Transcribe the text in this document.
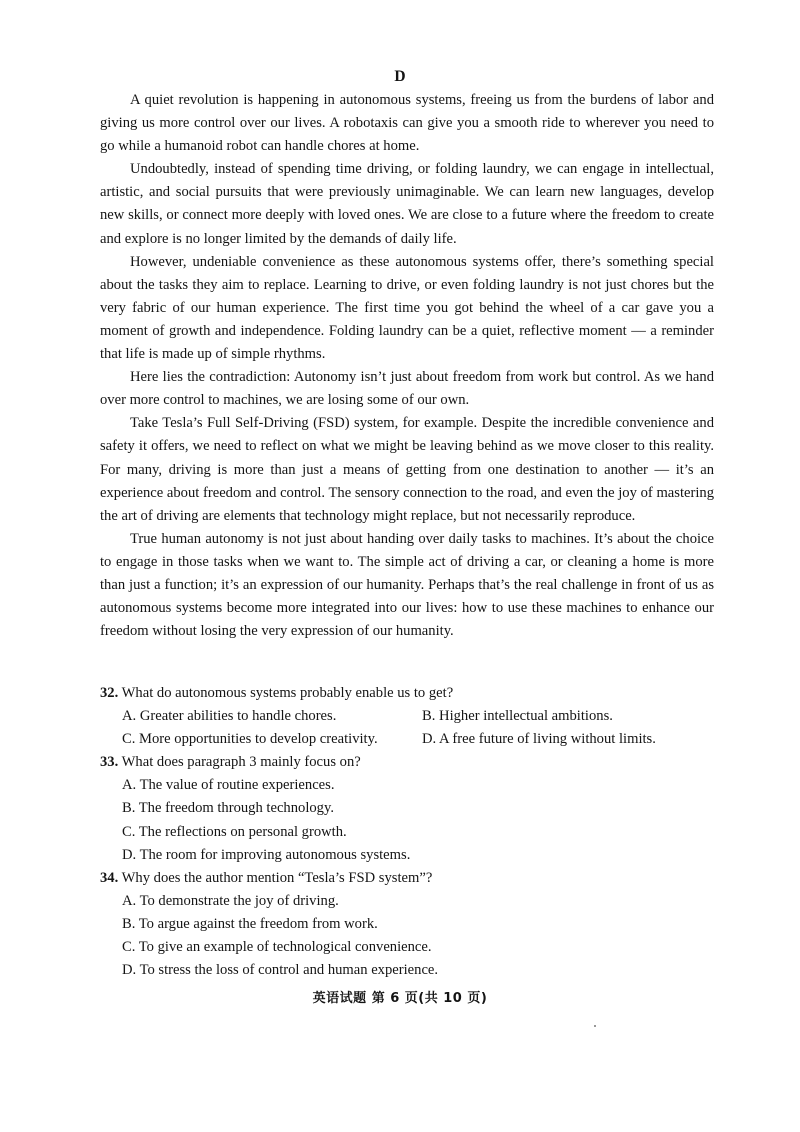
D

A quiet revolution is happening in autonomous systems, freeing us from the burdens of labor and giving us more control over our lives. A robotaxis can give you a smooth ride to wherever you need to go while a humanoid robot can handle chores at home.

Undoubtedly, instead of spending time driving, or folding laundry, we can engage in intellectual, artistic, and social pursuits that were previously unimaginable. We can learn new languages, develop new skills, or connect more deeply with loved ones. We are close to a future where the freedom to create and explore is no longer limited by the demands of daily life.

However, undeniable convenience as these autonomous systems offer, there’s something special about the tasks they aim to replace. Learning to drive, or even folding laundry is not just chores but the very fabric of our human experience. The first time you got behind the wheel of a car gave you a moment of growth and independence. Folding laundry can be a quiet, reflective moment — a reminder that life is made up of simple rhythms.

Here lies the contradiction: Autonomy isn’t just about freedom from work but control. As we hand over more control to machines, we are losing some of our own.

Take Tesla’s Full Self-Driving (FSD) system, for example. Despite the incredible convenience and safety it offers, we need to reflect on what we might be leaving behind as we move closer to this reality. For many, driving is more than just a means of getting from one destination to another — it’s an experience about freedom and control. The sensory connection to the road, and even the joy of mastering the art of driving are elements that technology might replace, but not necessarily reproduce.

True human autonomy is not just about handing over daily tasks to machines. It’s about the choice to engage in those tasks when we want to. The simple act of driving a car, or cleaning a home is more than just a function; it’s an expression of our humanity. Perhaps that’s the real challenge in front of us as autonomous systems become more integrated into our lives: how to use these machines to enhance our freedom without losing the very expression of our humanity.

32. What do autonomous systems probably enable us to get?

A. Greater abilities to handle chores.	B. Higher intellectual ambitions.
C. More opportunities to develop creativity.	D. A free future of living without limits.

33. What does paragraph 3 mainly focus on?

A. The value of routine experiences.
B. The freedom through technology.
C. The reflections on personal growth.
D. The room for improving autonomous systems.

34. Why does the author mention “Tesla’s FSD system”?

A. To demonstrate the joy of driving.
B. To argue against the freedom from work.
C. To give an example of technological convenience.
D. To stress the loss of control and human experience.
英语试题 第 6 页(共 10 页)
